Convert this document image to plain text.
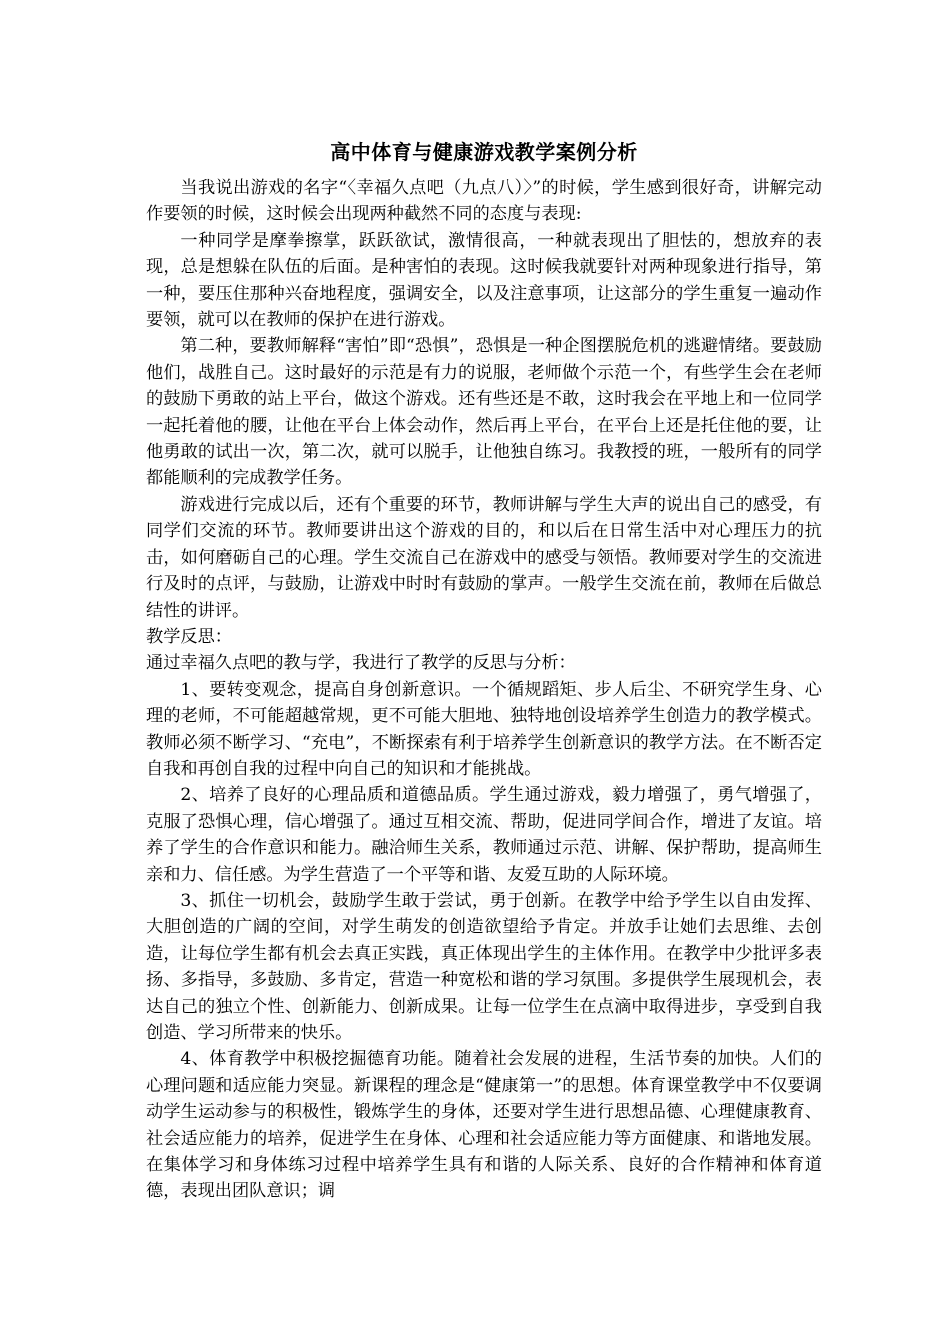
高中体育与健康游戏教学案例分析

当我说出游戏的名字“〈幸福久点吧（九点八）〉”的时候，学生感到很好奇，讲解完动作要领的时候，这时候会出现两种截然不同的态度与表现:

一种同学是摩拳擦掌，跃跃欲试，激情很高，一种就表现出了胆怯的，想放弃的表现，总是想躲在队伍的后面。是种害怕的表现。这时候我就要针对两种现象进行指导，第一种，要压住那种兴奋地程度，强调安全，以及注意事项，让这部分的学生重复一遍动作要领，就可以在教师的保护在进行游戏。

第二种，要教师解释“害怕”即“恐惧”，恐惧是一种企图摆脱危机的逃避情绪。要鼓励他们，战胜自己。这时最好的示范是有力的说服，老师做个示范一个，有些学生会在老师的鼓励下勇敢的站上平台，做这个游戏。还有些还是不敢，这时我会在平地上和一位同学一起托着他的腰，让他在平台上体会动作，然后再上平台，在平台上还是托住他的要，让他勇敢的试出一次，第二次，就可以脱手，让他独自练习。我教授的班，一般所有的同学都能顺利的完成教学任务。

游戏进行完成以后，还有个重要的环节，教师讲解与学生大声的说出自己的感受，有同学们交流的环节。教师要讲出这个游戏的目的，和以后在日常生活中对心理压力的抗击，如何磨砺自己的心理。学生交流自己在游戏中的感受与领悟。教师要对学生的交流进行及时的点评，与鼓励，让游戏中时时有鼓励的掌声。一般学生交流在前，教师在后做总结性的讲评。

教学反思：

通过幸福久点吧的教与学，我进行了教学的反思与分析：

1、要转变观念，提高自身创新意识。一个循规蹈矩、步人后尘、不研究学生身、心理的老师，不可能超越常规，更不可能大胆地、独特地创设培养学生创造力的教学模式。教师必须不断学习、“充电”，不断探索有利于培养学生创新意识的教学方法。在不断否定自我和再创自我的过程中向自己的知识和才能挑战。

2、培养了良好的心理品质和道德品质。学生通过游戏，毅力增强了，勇气增强了，克服了恐惧心理，信心增强了。通过互相交流、帮助，促进同学间合作，增进了友谊。培养了学生的合作意识和能力。融洽师生关系，教师通过示范、讲解、保护帮助，提高师生亲和力、信任感。为学生营造了一个平等和谐、友爱互助的人际环境。

3、抓住一切机会，鼓励学生敢于尝试，勇于创新。在教学中给予学生以自由发挥、大胆创造的广阔的空间，对学生萌发的创造欲望给予肯定。并放手让她们去思维、去创造，让每位学生都有机会去真正实践，真正体现出学生的主体作用。在教学中少批评多表扬、多指导，多鼓励、多肯定，营造一种宽松和谐的学习氛围。多提供学生展现机会，表达自己的独立个性、创新能力、创新成果。让每一位学生在点滴中取得进步，享受到自我创造、学习所带来的快乐。

4、体育教学中积极挖掘德育功能。随着社会发展的进程，生活节奏的加快。人们的心理问题和适应能力突显。新课程的理念是“健康第一”的思想。体育课堂教学中不仅要调动学生运动参与的积极性，锻炼学生的身体，还要对学生进行思想品德、心理健康教育、社会适应能力的培养，促进学生在身体、心理和社会适应能力等方面健康、和谐地发展。在集体学习和身体练习过程中培养学生具有和谐的人际关系、良好的合作精神和体育道德，表现出团队意识；调
